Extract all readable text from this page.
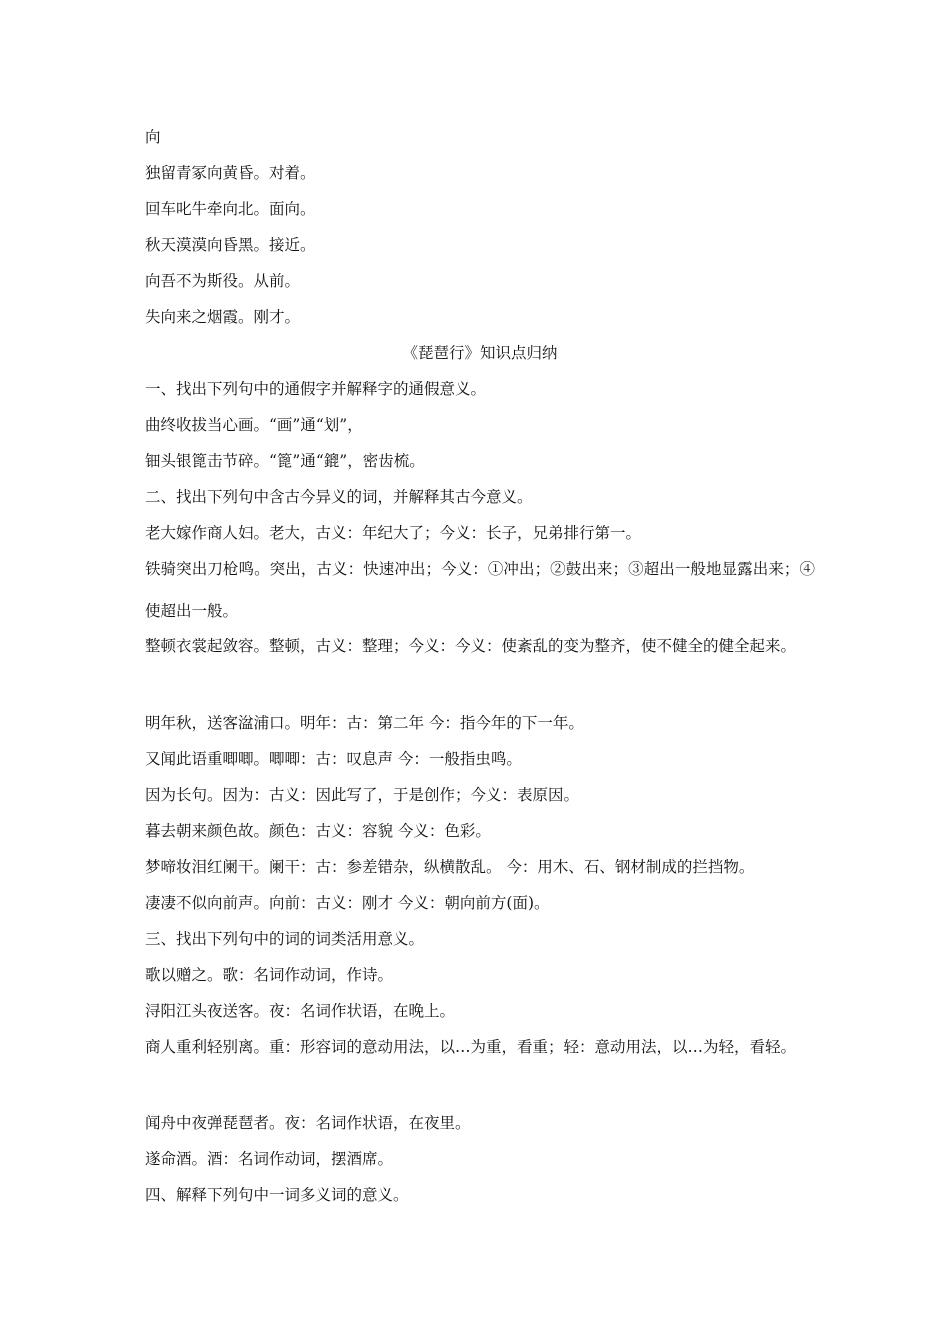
向
独留青冢向黄昏。对着。
回车叱牛牵向北。面向。
秋天漠漠向昏黑。接近。
向吾不为斯役。从前。
失向来之烟霞。刚才。
《琵琶行》知识点归纳
一、找出下列句中的通假字并解释字的通假意义。
曲终收拔当心画。“画”通“划”，
钿头银篦击节碎。“篦”通“鎞”，密齿梳。
二、找出下列句中含古今异义的词，并解释其古今意义。
老大嫁作商人妇。老大，古义：年纪大了；今义：长子，兄弟排行第一。
铁骑突出刀枪鸣。突出，古义：快速冲出；今义：①冲出；②鼓出来；③超出一般地显露出来；④使超出一般。
整顿衣裳起敛容。整顿，古义：整理；今义：今义：使紊乱的变为整齐，使不健全的健全起来。
明年秋，送客湓浦口。明年：古：第二年 今：指今年的下一年。
又闻此语重唧唧。唧唧：古：叹息声 今：一般指虫鸣。
因为长句。因为：古义：因此写了，于是创作；今义：表原因。
暮去朝来颜色故。颜色：古义：容貌 今义：色彩。
梦啼妆泪红阑干。阑干：古：参差错杂，纵横散乱。 今：用木、石、钢材制成的拦挡物。
凄凄不似向前声。向前：古义：刚才 今义：朝向前方(面)。
三、找出下列句中的词的词类活用意义。
歌以赠之。歌：名词作动词，作诗。
浔阳江头夜送客。夜：名词作状语，在晚上。
商人重利轻别离。重：形容词的意动用法，以…为重，看重；轻：意动用法，以…为轻，看轻。
闻舟中夜弹琵琶者。夜：名词作状语，在夜里。
遂命酒。酒：名词作动词，摆酒席。
四、解释下列句中一词多义词的意义。
